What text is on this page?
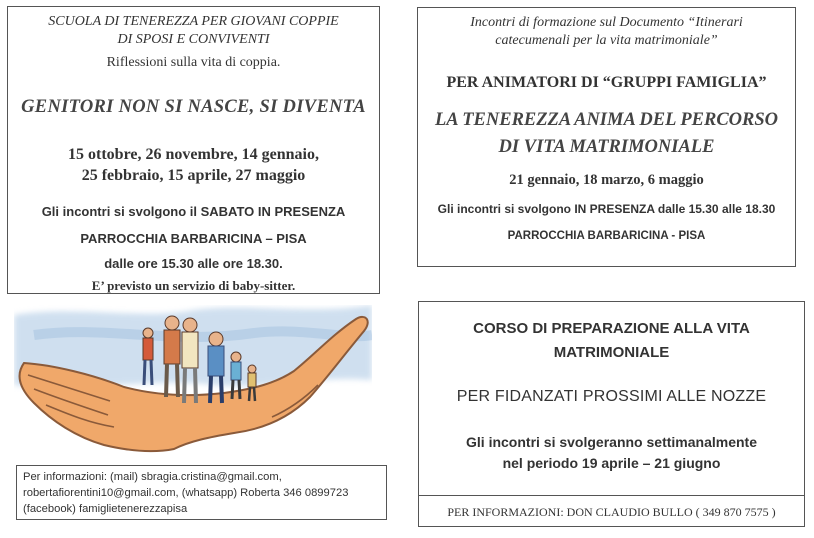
SCUOLA DI TENEREZZA PER GIOVANI COPPIE
DI SPOSI E CONVIVENTI
Riflessioni sulla vita di coppia.
GENITORI NON SI NASCE, SI DIVENTA
15 ottobre, 26 novembre, 14 gennaio,
25 febbraio, 15 aprile, 27 maggio
Gli incontri si svolgono il SABATO IN PRESENZA
PARROCCHIA BARBARICINA – PISA
dalle ore 15.30 alle ore 18.30.
E’ previsto un servizio di baby-sitter.
Incontri di formazione sul Documento “Itinerari
catecumenali per la vita matrimoniale”
PER ANIMATORI DI “GRUPPI FAMIGLIA”
LA TENEREZZA ANIMA DEL PERCORSO
DI VITA MATRIMONIALE
21 gennaio, 18 marzo, 6 maggio
Gli incontri si svolgono IN PRESENZA dalle 15.30 alle 18.30
PARROCCHIA BARBARICINA - PISA
CORSO DI PREPARAZIONE ALLA VITA
MATRIMONIALE
PER FIDANZATI PROSSIMI ALLE NOZZE
Gli incontri si svolgeranno settimanalmente
nel periodo 19 aprile – 21 giugno
PER INFORMAZIONI: DON CLAUDIO BULLO ( 349 870 7575 )
Per informazioni: (mail) sbragia.cristina@gmail.com,
robertafiorentini10@gmail.com, (whatsapp) Roberta 346 0899723
(facebook) famiglietenerezzapisa
